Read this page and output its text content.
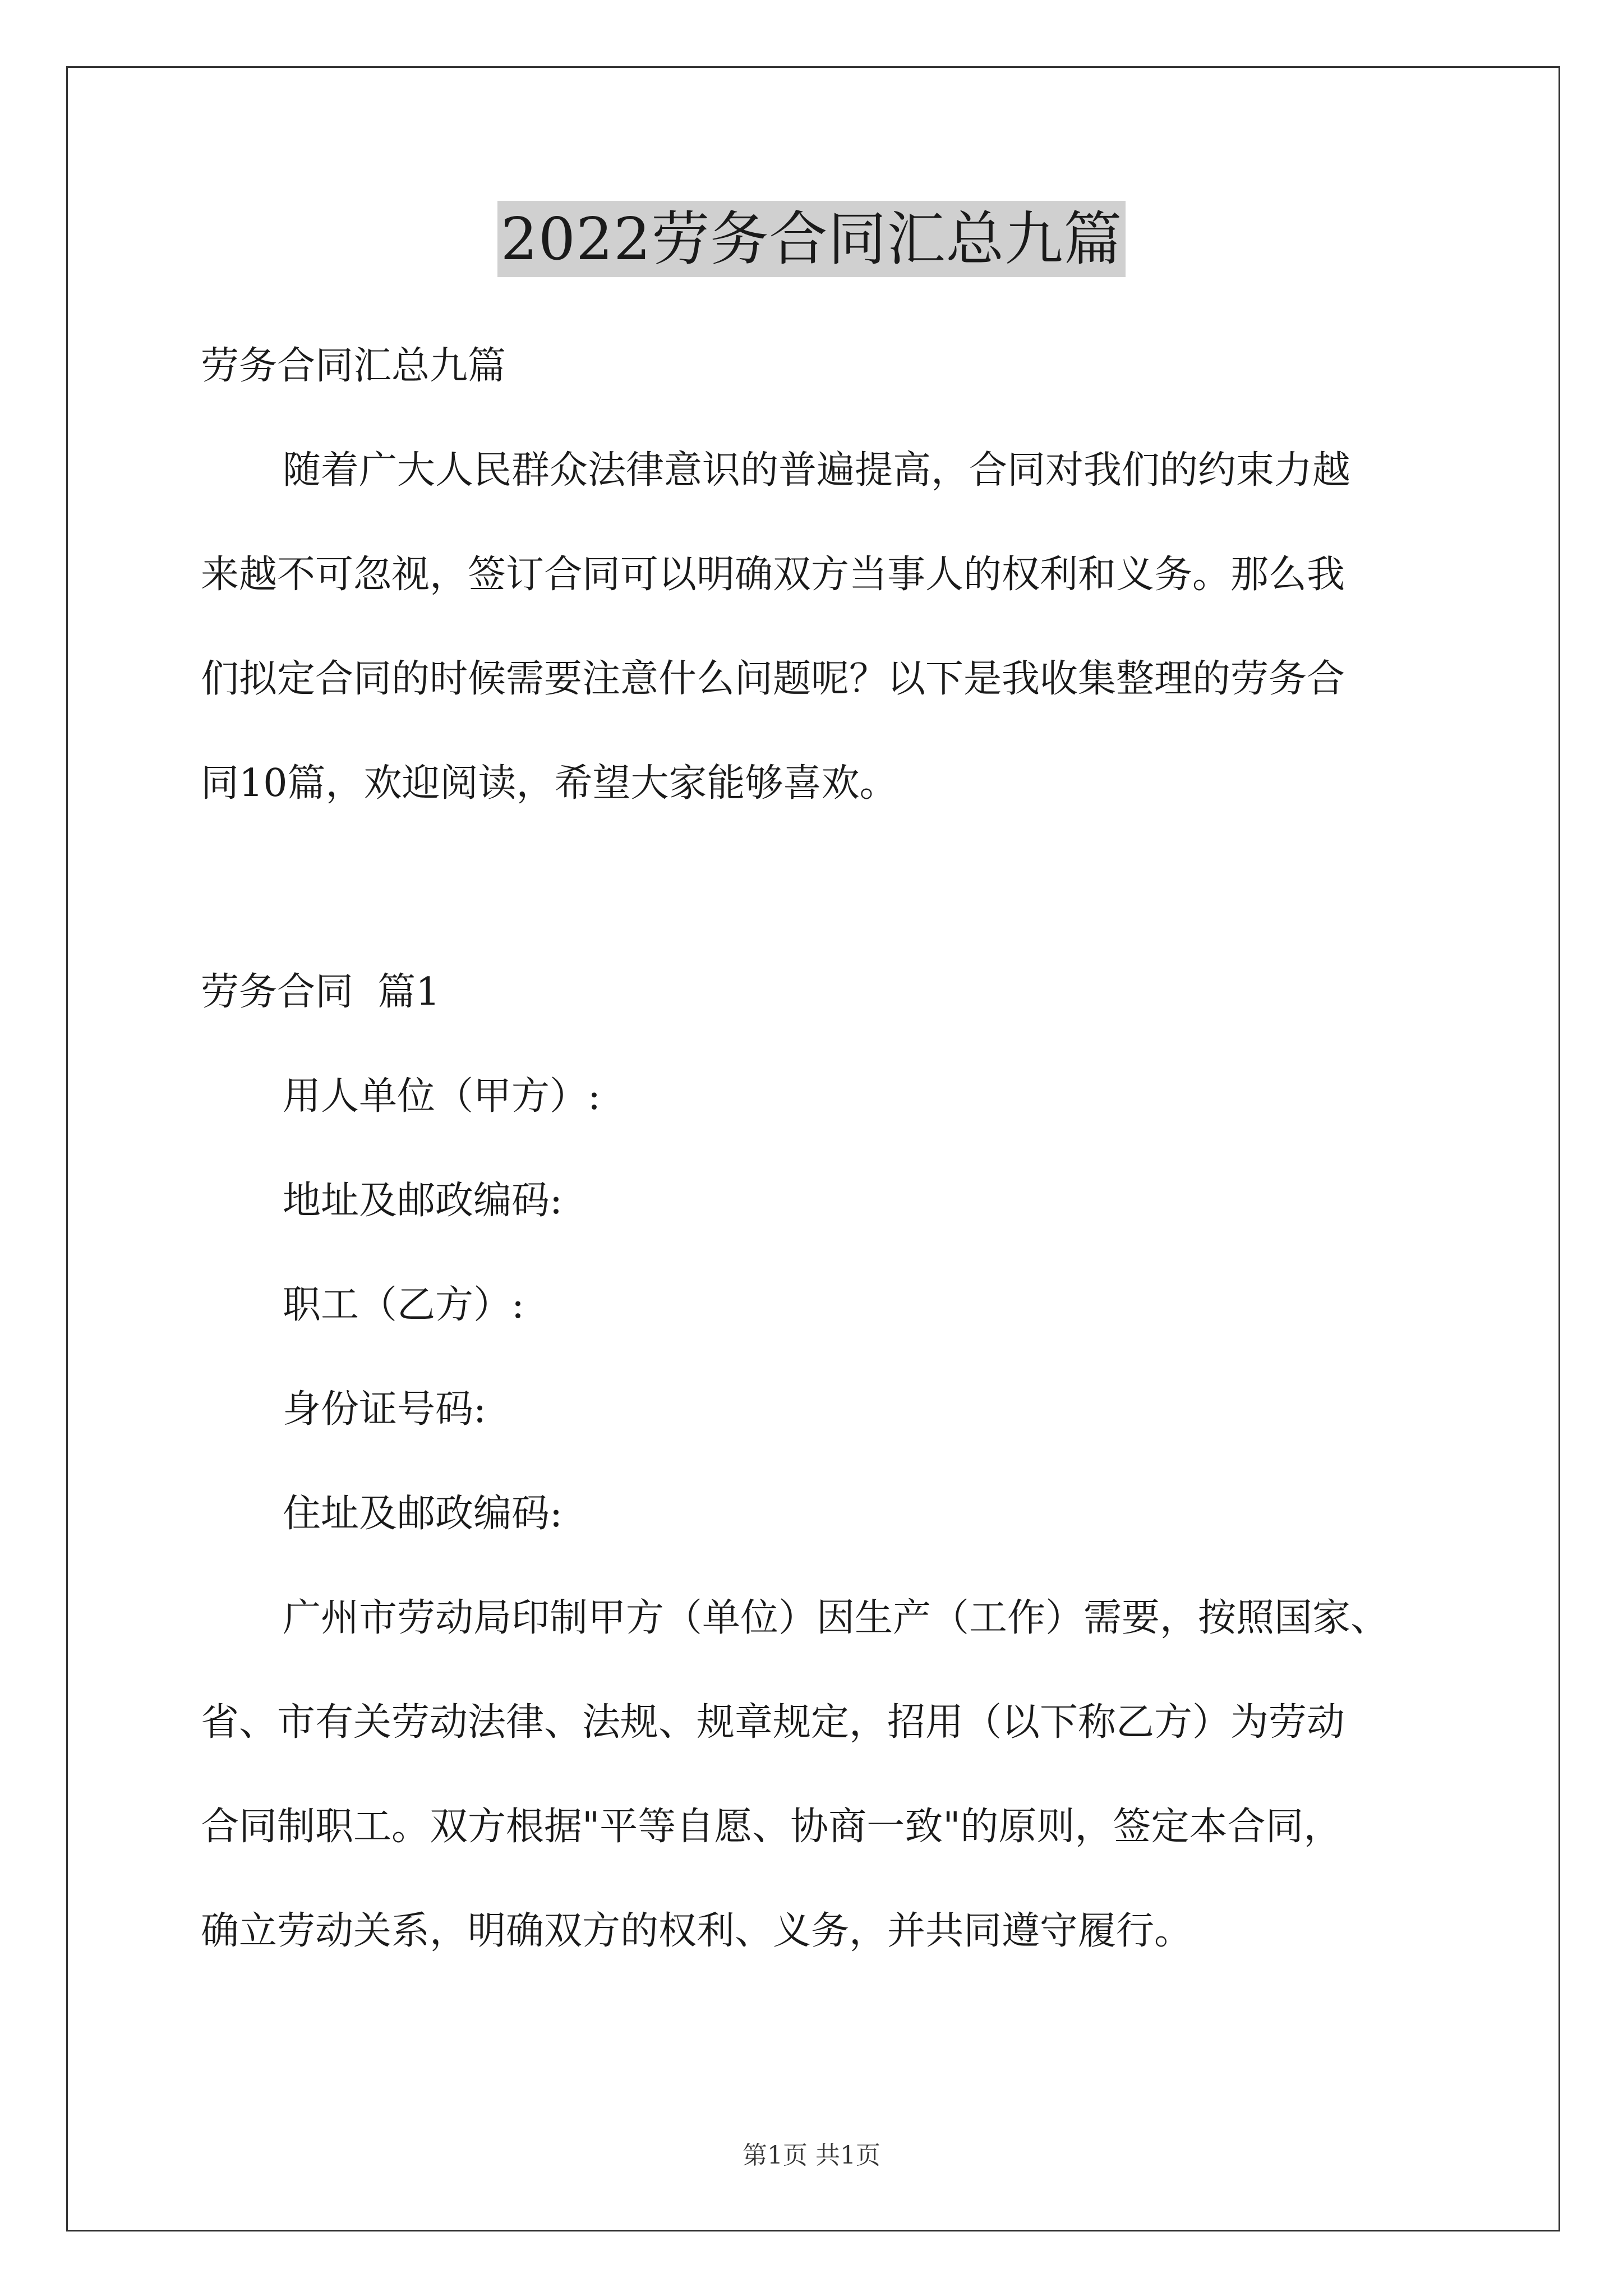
2022劳务合同汇总九篇

劳务合同汇总九篇

随着广大人民群众法律意识的普遍提高，合同对我们的约束力越

来越不可忽视，签订合同可以明确双方当事人的权利和义务。那么我

们拟定合同的时候需要注意什么问题呢？以下是我收集整理的劳务合

同10篇，欢迎阅读，希望大家能够喜欢。

劳务合同  篇1

用人单位（甲方）:

地址及邮政编码:

职工（乙方）:

身份证号码:

住址及邮政编码:

广州市劳动局印制甲方（单位）因生产（工作）需要，按照国家、

省、市有关劳动法律、法规、规章规定，招用（以下称乙方）为劳动

合同制职工。双方根据"平等自愿、协商一致"的原则，签定本合同，

确立劳动关系，明确双方的权利、义务，并共同遵守履行。

第1页 共1页
